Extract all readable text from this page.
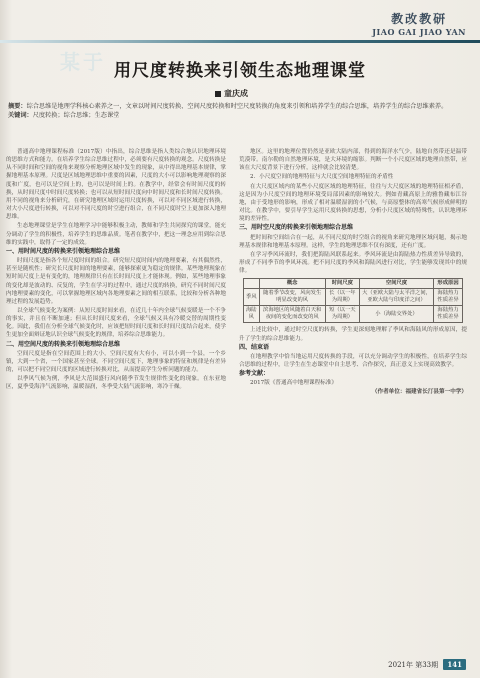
某于
教改教研
JIAO GAI JIAO YAN
用尺度转换来引领生态地理课堂
童庆成
摘要：综合思维是地理学科核心素养之一，文章以时间尺度转换、空间尺度转换和时空尺度转换的角度来引领和培养学生的综合思维，培养学生的综合思维素养。
关键词：尺度转换；综合思维；生态课堂

普通高中地理课程标准（2017版）中指出，综合思维是指人类综合地认识地理环境的思维方式和能力。在培养学生综合思维过程中，必须要有尺度转换的观念。尺度转换是从不同时间和空间的视角来观察分析地理区域中发生的现象，从中得出地理基本规律，掌握地理基本原理。尺度是区域地理思维中重要的因素，尺度的大小可以影响地理观察的深度和广度，也可以是空间上的，也可以是时间上的。在教学中，经常会有时间尺度的转换，从时间尺度中时间尺度转换；也可以从短时间尺度向中时间尺度和长时间尺度转换。用不同的视角来分析研究，在研究地理区域时运用尺度转换，可以对不同区域进行转换，对大小尺度进行转换，可以对不同尺度的时空进行组合，在不同尺度时空上更加深入地理思维。

生态地理课堂是学生在地理学习中能够积极主动，教师和学生共同探究的课堂，能充分调动了学生的积极性，培养学生的思维品质。笔者在教学中，把这一理念应用到综合思维的实践中，取得了一定的成效。

一、用时间尺度的转换来引领地理综合思维

时间尺度是指各个短尺度时间的组合。研究短尺度时间内的地理要素，有其偶然性，甚至是随机性；研究长尺度时间的地理要素，能够探索更为稳定的规律。某些地理现象在短时间尺度上是有变化的，地理规律只有在长时间尺度上才能体现。例如，某些地理事象的变化却是波动的、反复的，学生在学习的过程中，通过尺度的转换，研究不同时间尺度内地理要素的变化，可以掌握地理区域内各地理要素之间的相互联系，比较和分析各种地理过程的发展趋势。

以全球气候变化为案例：从短尺度时间来看，在近几十年内全球气候变暖是一个不争的事实，并且在不断加速；但从长时间尺度来看，全球气候又具有冷暖交替的周期性变化。因此，我们在分析全球气候变化时，应该把短时间尺度和长时间尺度结合起来，使学生更加全面辩证地认识全球气候变化的规律，培养综合思维能力。

二、用空间尺度的转换来引领地理综合思维

空间尺度是指在空间范围上的大小，空间尺度有大有小，可以小到一个县，一个乡镇，大到一个省，一个国家甚至全球。不同空间尺度下，地理事象的特征和规律是有差异的，可以把不同空间尺度的区域进行转换对比，从而提高学生分析问题的能力。

以季风气候为例，季风是大范围盛行风向随季节发生规律性变化的现象。在东亚地区，夏季受海洋气流影响，温暖湿润，冬季受大陆气流影响，寒冷干燥。

地区。这里的地理位置仍然是亚欧大陆内部，得到的海洋水气少，陆地自然带还是温带荒漠带。南尔勒的自然地理环境，是大环境的缩影。判断一个小尺度区域的地理自然带，应该在大尺度背景下进行分析，这样就会比较清楚。

2．小尺度空间的地理特征与大尺度空间地理特征的矛盾性

在大尺度区域内的某些小尺度区域的地理特征，往往与大尺度区域的地理特征相矛盾，这是因为小尺度空间的地理环境受局部因素的影响较大。例如青藏高原上的雅鲁藏布江谷地，由于受地形的影响，形成了相对温暖湿润的小气候，与高原整体的高寒气候形成鲜明的对比。在教学中，要引导学生运用尺度转换的思想，分析小尺度区域的特殊性，认识地理环境的差异性。

三、用时空尺度的转换来引领地理综合思维

把时间和空间结合在一起，从不同尺度的时空组合的视角来研究地理区域问题，揭示地理基本规律和地理基本原理。这样，学生的地理思维不仅有深度，还有广度。

在学习季风环流时，我们把海陆风联系起来。季风环流是由海陆热力性质差异导致的，形成了不同季节的季风环流。把不同尺度的季风和海陆风进行对比，学生能够发现其中的规律。

	概念	时间尺度	空间尺度	形成原因
季风	随着季节改变，风向发生明显改变的风	长（以一年为周期）	大（亚欧大陆与太平洋之间，亚欧大陆与印度洋之间）	海陆热力性质差异
海陆风	滨海地区的风随着白天和夜间的变化而改变的风	短（以一天为周期）	小（海陆交界处）	海陆热力性质差异

上述比较中，通过时空尺度的转换，学生更深刻地理解了季风和海陆风的形成原因，提升了学生的综合思维能力。

四、结束语

在地理教学中恰当地运用尺度转换的手段，可以充分调动学生的积极性，在培养学生综合思维的过程中，让学生在生态课堂中自主思考、合作探究，真正意义上实现高效教学。

参考文献：

2017版《普通高中地理课程标准》

（作者单位：福建省长汀县第一中学）

2021年 第33期 141
